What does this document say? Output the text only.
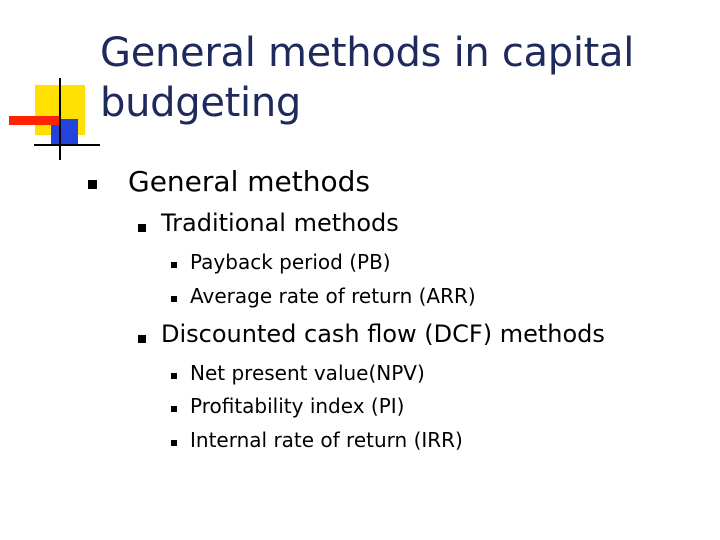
General methods in capital budgeting
General methods
Traditional methods
Payback period (PB)
Average rate of return (ARR)
Discounted cash flow (DCF) methods
Net present value(NPV)
Profitability index (PI)
Internal rate of return (IRR)
